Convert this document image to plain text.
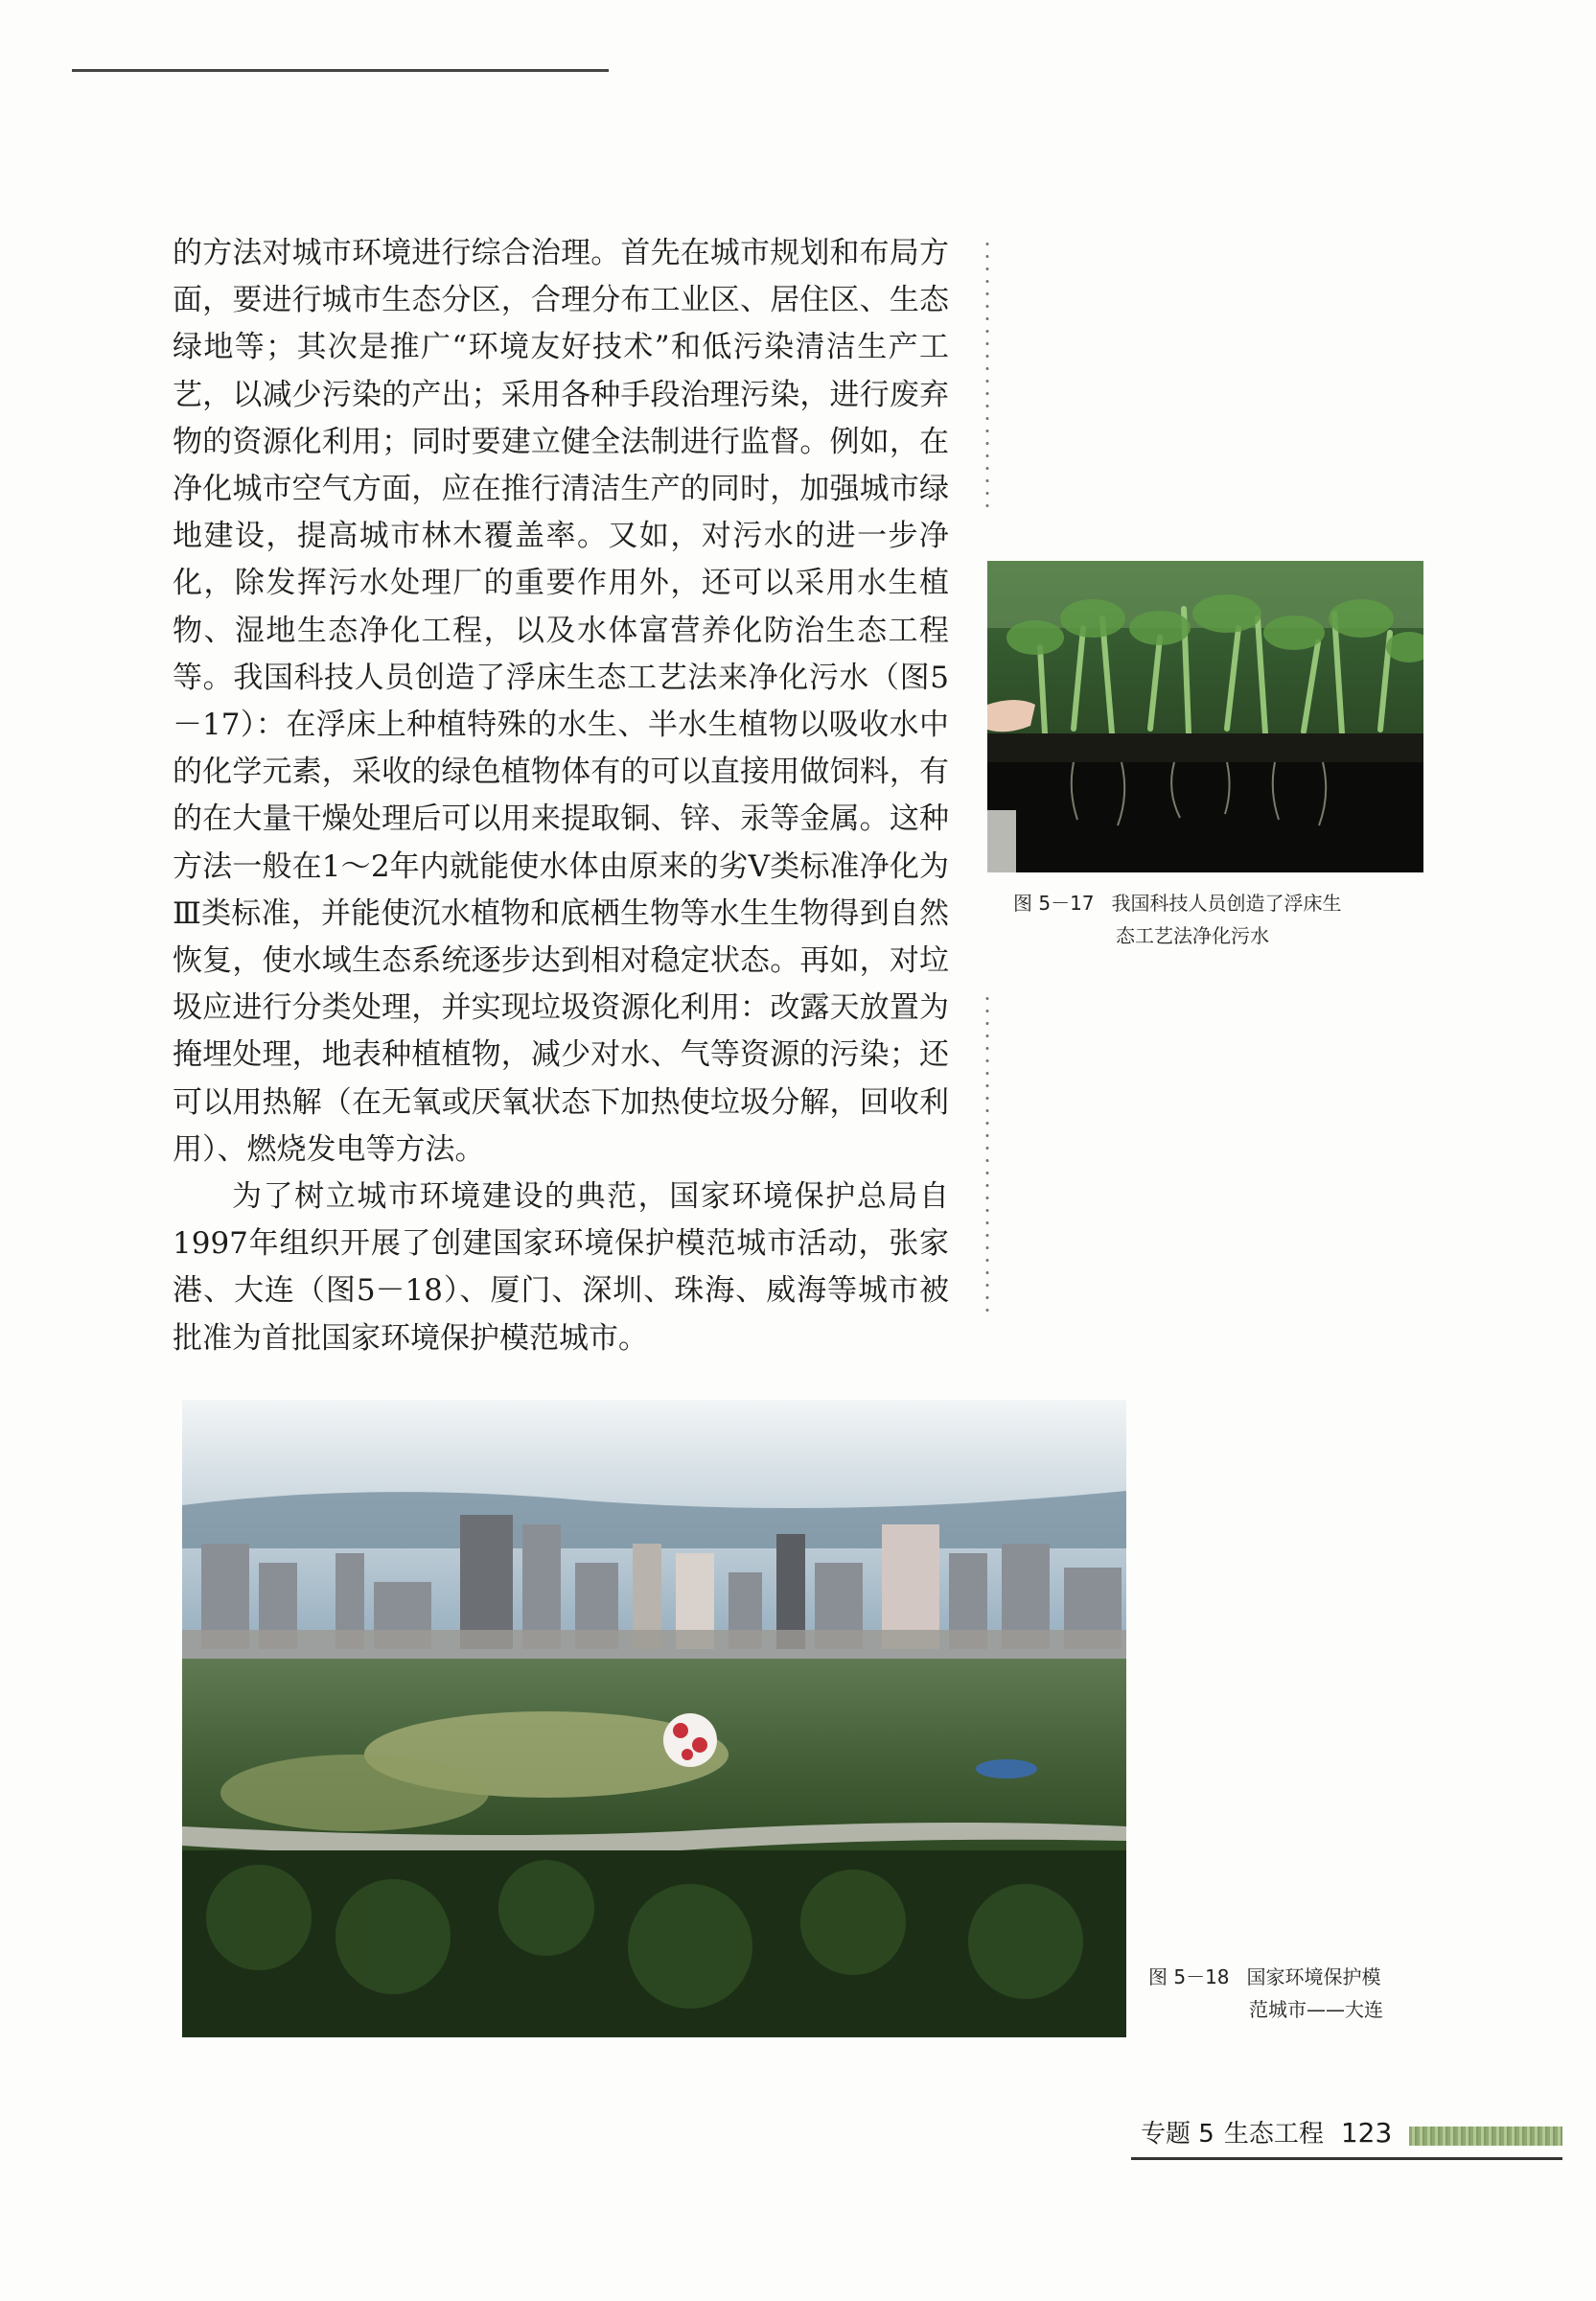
的方法对城市环境进行综合治理。首先在城市规划和布局方面，要进行城市生态分区，合理分布工业区、居住区、生态绿地等；其次是推广“环境友好技术”和低污染清洁生产工艺，以减少污染的产出；采用各种手段治理污染，进行废弃物的资源化利用；同时要建立健全法制进行监督。例如，在净化城市空气方面，应在推行清洁生产的同时，加强城市绿地建设，提高城市林木覆盖率。又如，对污水的进一步净化，除发挥污水处理厂的重要作用外，还可以采用水生植物、湿地生态净化工程，以及水体富营养化防治生态工程等。我国科技人员创造了浮床生态工艺法来净化污水（图5－17）：在浮床上种植特殊的水生、半水生植物以吸收水中的化学元素，采收的绿色植物体有的可以直接用做饲料，有的在大量干燥处理后可以用来提取铜、锌、汞等金属。这种方法一般在1～2年内就能使水体由原来的劣Ⅴ类标准净化为Ⅲ类标准，并能使沉水植物和底栖生物等水生生物得到自然恢复，使水域生态系统逐步达到相对稳定状态。再如，对垃圾应进行分类处理，并实现垃圾资源化利用：改露天放置为掩埋处理，地表种植植物，减少对水、气等资源的污染；还可以用热解（在无氧或厌氧状态下加热使垃圾分解，回收利用）、燃烧发电等方法。

为了树立城市环境建设的典范，国家环境保护总局自1997年组织开展了创建国家环境保护模范城市活动，张家港、大连（图5－18）、厦门、深圳、珠海、威海等城市被批准为首批国家环境保护模范城市。

图 5－17 我国科技人员创造了浮床生
态工艺法净化污水
图 5－18 国家环境保护模
范城市——大连
专题 5 生态工程 123
